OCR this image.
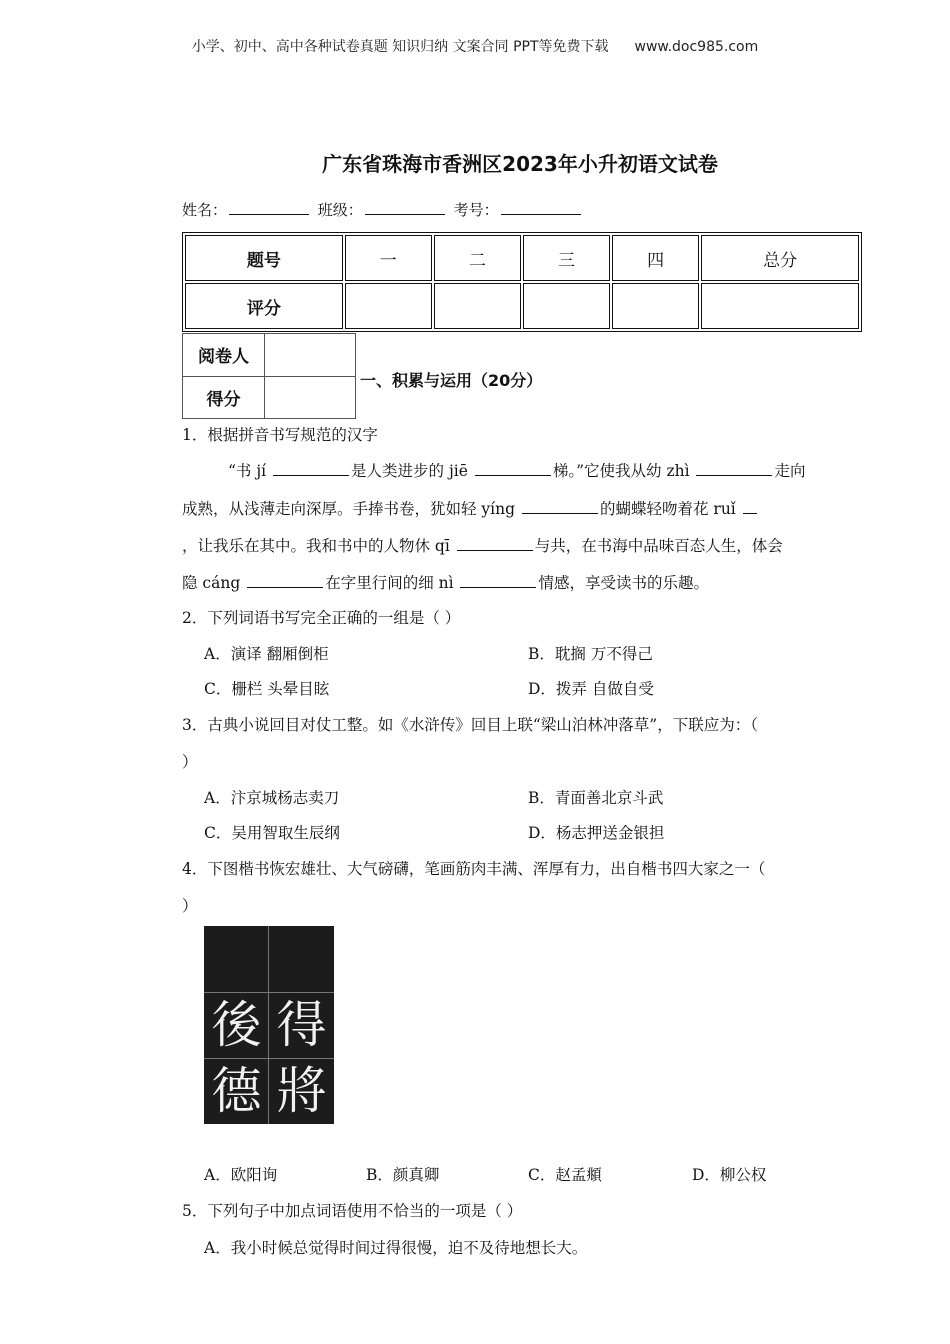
小学、初中、高中各种试卷真题 知识归纳 文案合同 PPT等免费下载 www.doc985.com
广东省珠海市香洲区2023年小升初语文试卷
姓名：	班级：	考号：
题号	一	二	三	四	总分
评分					
阅卷人	
得分	
一、积累与运用（20分）
1．根据拼音书写规范的汉字
“书 jí	是人类进步的 jiē	梯。”它使我从幼 zhì	走向
成熟，从浅薄走向深厚。手捧书卷，犹如轻 yíng	的蝴蝶轻吻着花 ruǐ
，让我乐在其中。我和书中的人物休 qī	与共，在书海中品味百态人生，体会
隐 cáng	在字里行间的细 nì	情感，享受读书的乐趣。
2．下列词语书写完全正确的一组是（ ）
A．演译 翻厢倒柜	B．耽搁 万不得己
C．栅栏 头晕目眩	D．拨弄 自做自受
3．古典小说回目对仗工整。如《水浒传》回目上联“梁山泊林冲落草”，下联应为：（
）
A．汴京城杨志卖刀	B．青面善北京斗武
C．吴用智取生辰纲	D．杨志押送金银担
4．下图楷书恢宏雄壮、大气磅礴，笔画筋肉丰满、浑厚有力，出自楷书四大家之一（
）
後 得
德 將
A．欧阳询	B．颜真卿	C．赵孟頫	D．柳公权
5．下列句子中加点词语使用不恰当的一项是（ ）
A．我小时候总觉得时间过得很慢，迫不及待地想长大。
